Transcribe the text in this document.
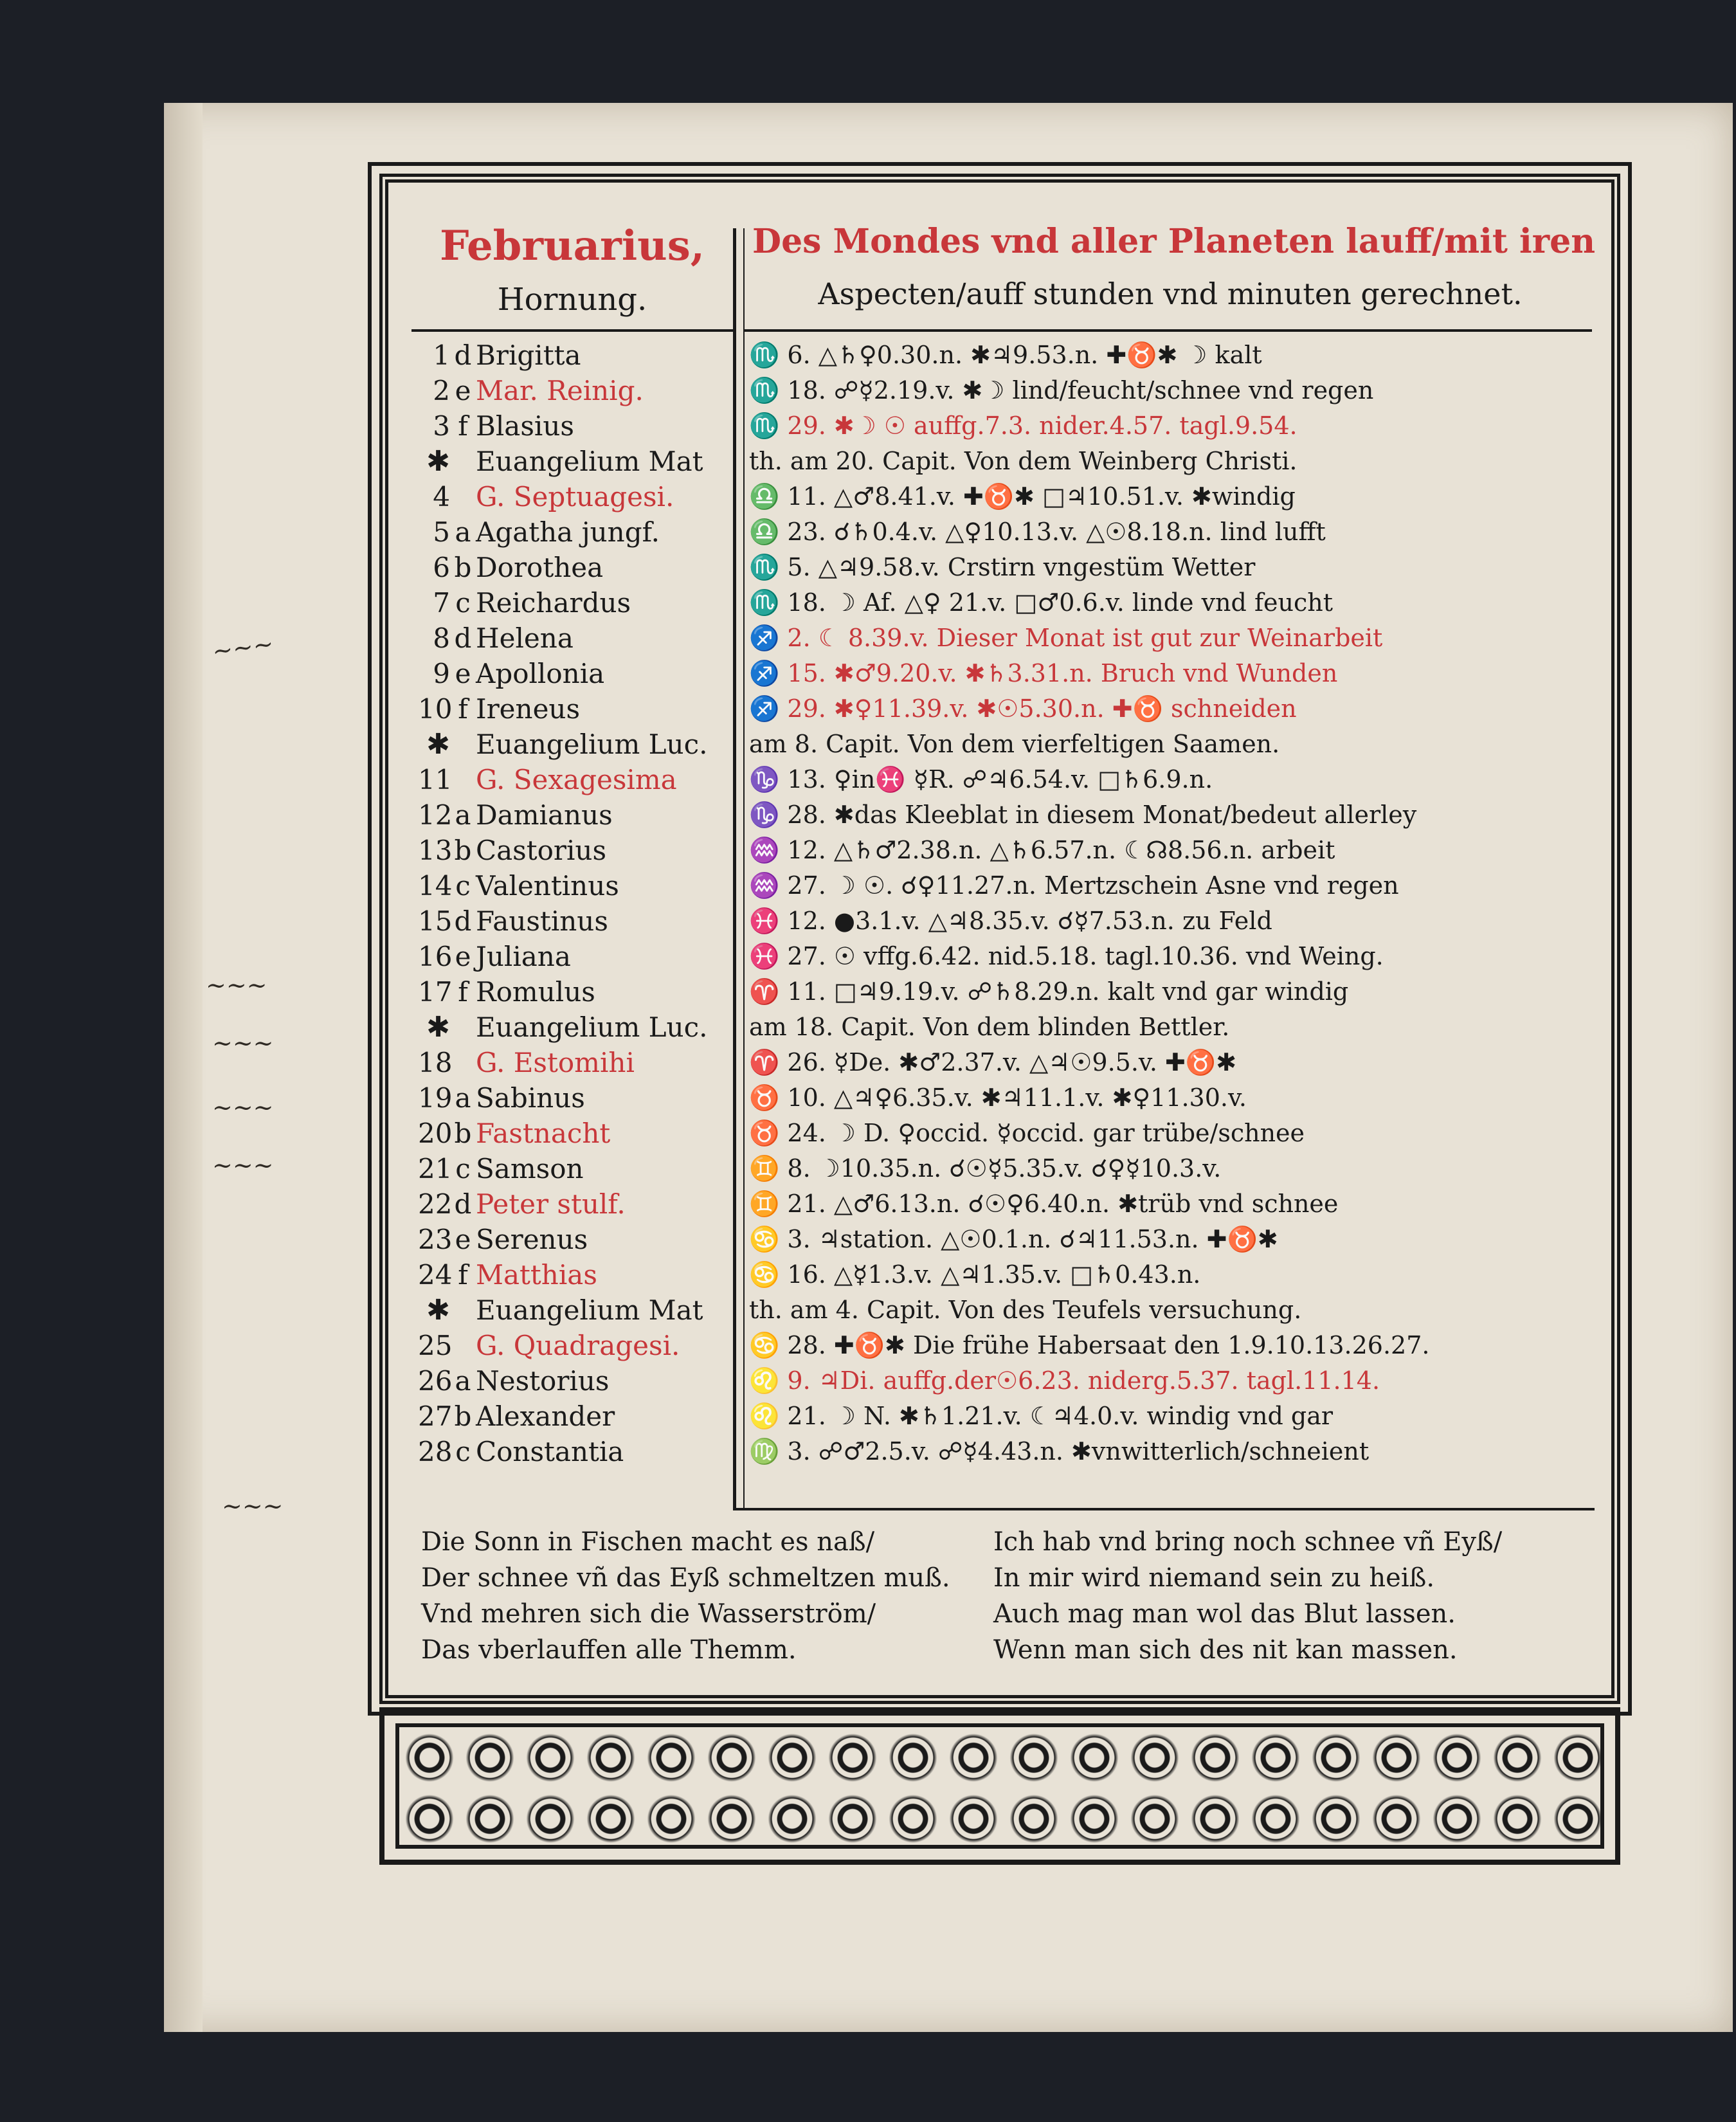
Februarius,
Hornung.
Des Mondes vnd aller Planeten lauff/mit iren
Aspecten/auff stunden vnd minuten gerechnet.
1 d Brigitta	♏ 6. △♄♀0.30.n. ✱♃9.53.n. ✚♉✱ ☽ kalt
2 e Mar. Reinig.	♏ 18. ☍☿2.19.v. ✱☽ lind/feucht/schnee vnd regen
3 f Blasius	♏ 29. ✱☽ ☉ auffg.7.3. nider.4.57. tagl.9.54.
✱ Euangelium Mat	th. am 20. Capit. Von dem Weinberg Christi.
4 G. Septuagesi.	♎ 11. △♂8.41.v. ✚♉✱ □♃10.51.v. ✱windig
5 a Agatha jungf.	♎ 23. ☌♄0.4.v. △♀10.13.v. △☉8.18.n. lind lufft
6 b Dorothea	♏ 5. △♃9.58.v. Crstirn vngestüm Wetter
7 c Reichardus	♏ 18. ☽ Af. △♀ 21.v. □♂0.6.v. linde vnd feucht
8 d Helena	♐ 2. ☾ 8.39.v. Dieser Monat ist gut zur Weinarbeit
9 e Apollonia	♐ 15. ✱♂9.20.v. ✱♄3.31.n. Bruch vnd Wunden
10 f Ireneus	♐ 29. ✱♀11.39.v. ✱☉5.30.n. ✚♉ schneiden
✱ Euangelium Luc. am 8. Capit. Von dem vierfeltigen Saamen.
11 G. Sexagesima	♑ 13. ♀in♓ ☿R. ☍♃6.54.v. □♄6.9.n.
12a Damianus	♑ 28. ✱das Kleeblat in diesem Monat/bedeut allerley
13b Castorius	♒ 12. △♄♂2.38.n. △♄6.57.n. ☾☊8.56.n. arbeit
14 c Valentinus	♒ 27. ☽ ☉. ☌♀11.27.n. Mertzschein Asne vnd regen
15d Faustinus	♓ 12. ●3.1.v. △♃8.35.v. ☌☿7.53.n. zu Feld
16e Juliana	♓ 27. ☉ vffg.6.42. nid.5.18. tagl.10.36. vnd Weing.
17 f Romulus	♈ 11. □♃9.19.v. ☍♄8.29.n. kalt vnd gar windig
✱ Euangelium Luc. am 18. Capit. Von dem blinden Bettler.
18 G. Estomihi	♈ 26. ☿De. ✱♂2.37.v. △♃☉9.5.v. ✚♉✱
19a Sabinus	♉ 10. △♃♀6.35.v. ✱♃11.1.v. ✱♀11.30.v.
20b Fastnacht	♉ 24. ☽ D. ♀occid. ☿occid. gar trübe/schnee
21 c Samson	♊ 8. ☽10.35.n. ☌☉☿5.35.v. ☌♀☿10.3.v.
22d Peter stulf.	♊ 21. △♂6.13.n. ☌☉♀6.40.n. ✱trüb vnd schnee
23e Serenus	♋ 3. ♃station. △☉0.1.n. ☌♃11.53.n. ✚♉✱
24 f Matthias	♋ 16. △☿1.3.v. △♃1.35.v. □♄0.43.n.
✱ Euangelium Mat	th. am 4. Capit. Von des Teufels versuchung.
25 G. Quadragesi.	♋ 28. ✚♉✱ Die frühe Habersaat den 1.9.10.13.26.27.
26a Nestorius	♌ 9. ♃Di. auffg.der☉6.23. niderg.5.37. tagl.11.14.
27b Alexander	♌ 21. ☽ N. ✱♄1.21.v. ☾♃4.0.v. windig vnd gar
28 c Constantia	♍ 3. ☍♂2.5.v. ☍☿4.43.n. ✱vnwitterlich/schneient
Die Sonn in Fischen macht es naß/
Der schnee vñ das Eyß schmeltzen muß.
Vnd mehren sich die Wasserström/
Das vberlauffen alle Themm.
Ich hab vnd bring noch schnee vñ Eyß/
In mir wird niemand sein zu heiß.
Auch mag man wol das Blut lassen.
Wenn man sich des nit kan massen.
~~~
~~~
~~~
~~~
~~~
~~~
